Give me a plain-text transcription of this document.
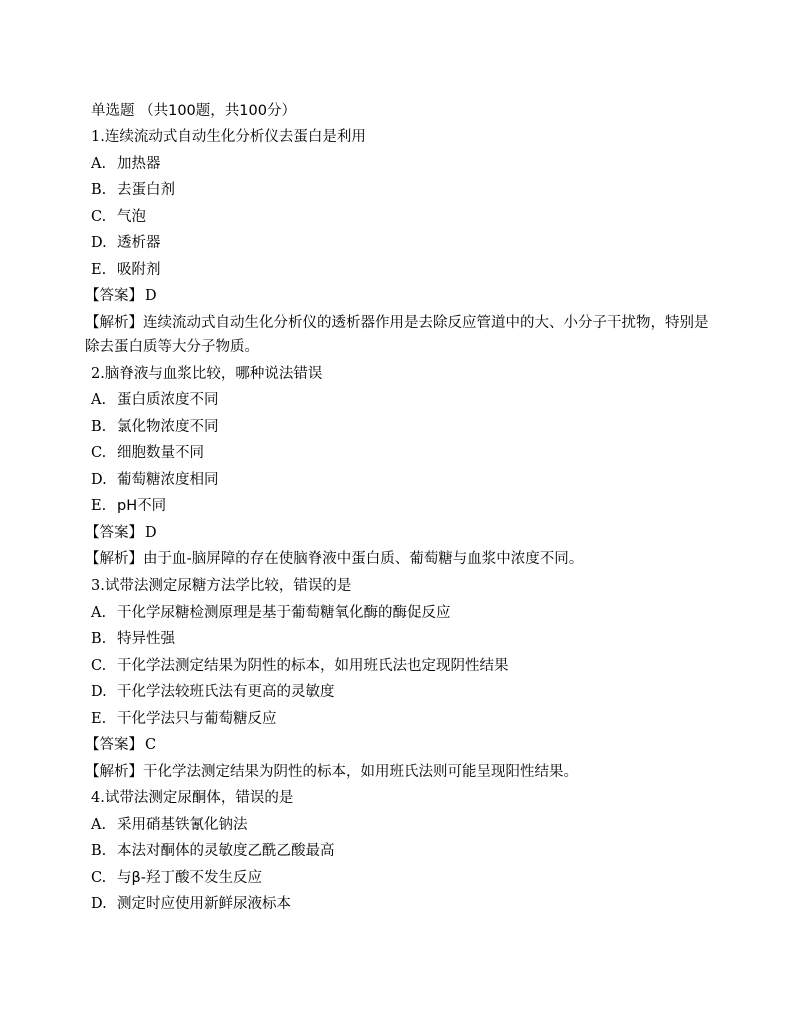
单选题 （共100题，共100分）
1.连续流动式自动生化分析仪去蛋白是利用
A. 加热器
B. 去蛋白剂
C. 气泡
D. 透析器
E. 吸附剂
【答案】 D
【解析】连续流动式自动生化分析仪的透析器作用是去除反应管道中的大、小分子干扰物，特别是除去蛋白质等大分子物质。
2.脑脊液与血浆比较，哪种说法错误
A. 蛋白质浓度不同
B. 氯化物浓度不同
C. 细胞数量不同
D. 葡萄糖浓度相同
E. pH不同
【答案】 D
【解析】由于血-脑屏障的存在使脑脊液中蛋白质、葡萄糖与血浆中浓度不同。
3.试带法测定尿糖方法学比较，错误的是
A. 干化学尿糖检测原理是基于葡萄糖氧化酶的酶促反应
B. 特异性强
C. 干化学法测定结果为阴性的标本，如用班氏法也定现阴性结果
D. 干化学法较班氏法有更高的灵敏度
E. 干化学法只与葡萄糖反应
【答案】 C
【解析】干化学法测定结果为阴性的标本，如用班氏法则可能呈现阳性结果。
4.试带法测定尿酮体，错误的是
A. 采用硝基铁氰化钠法
B. 本法对酮体的灵敏度乙酰乙酸最高
C. 与β-羟丁酸不发生反应
D. 测定时应使用新鲜尿液标本
